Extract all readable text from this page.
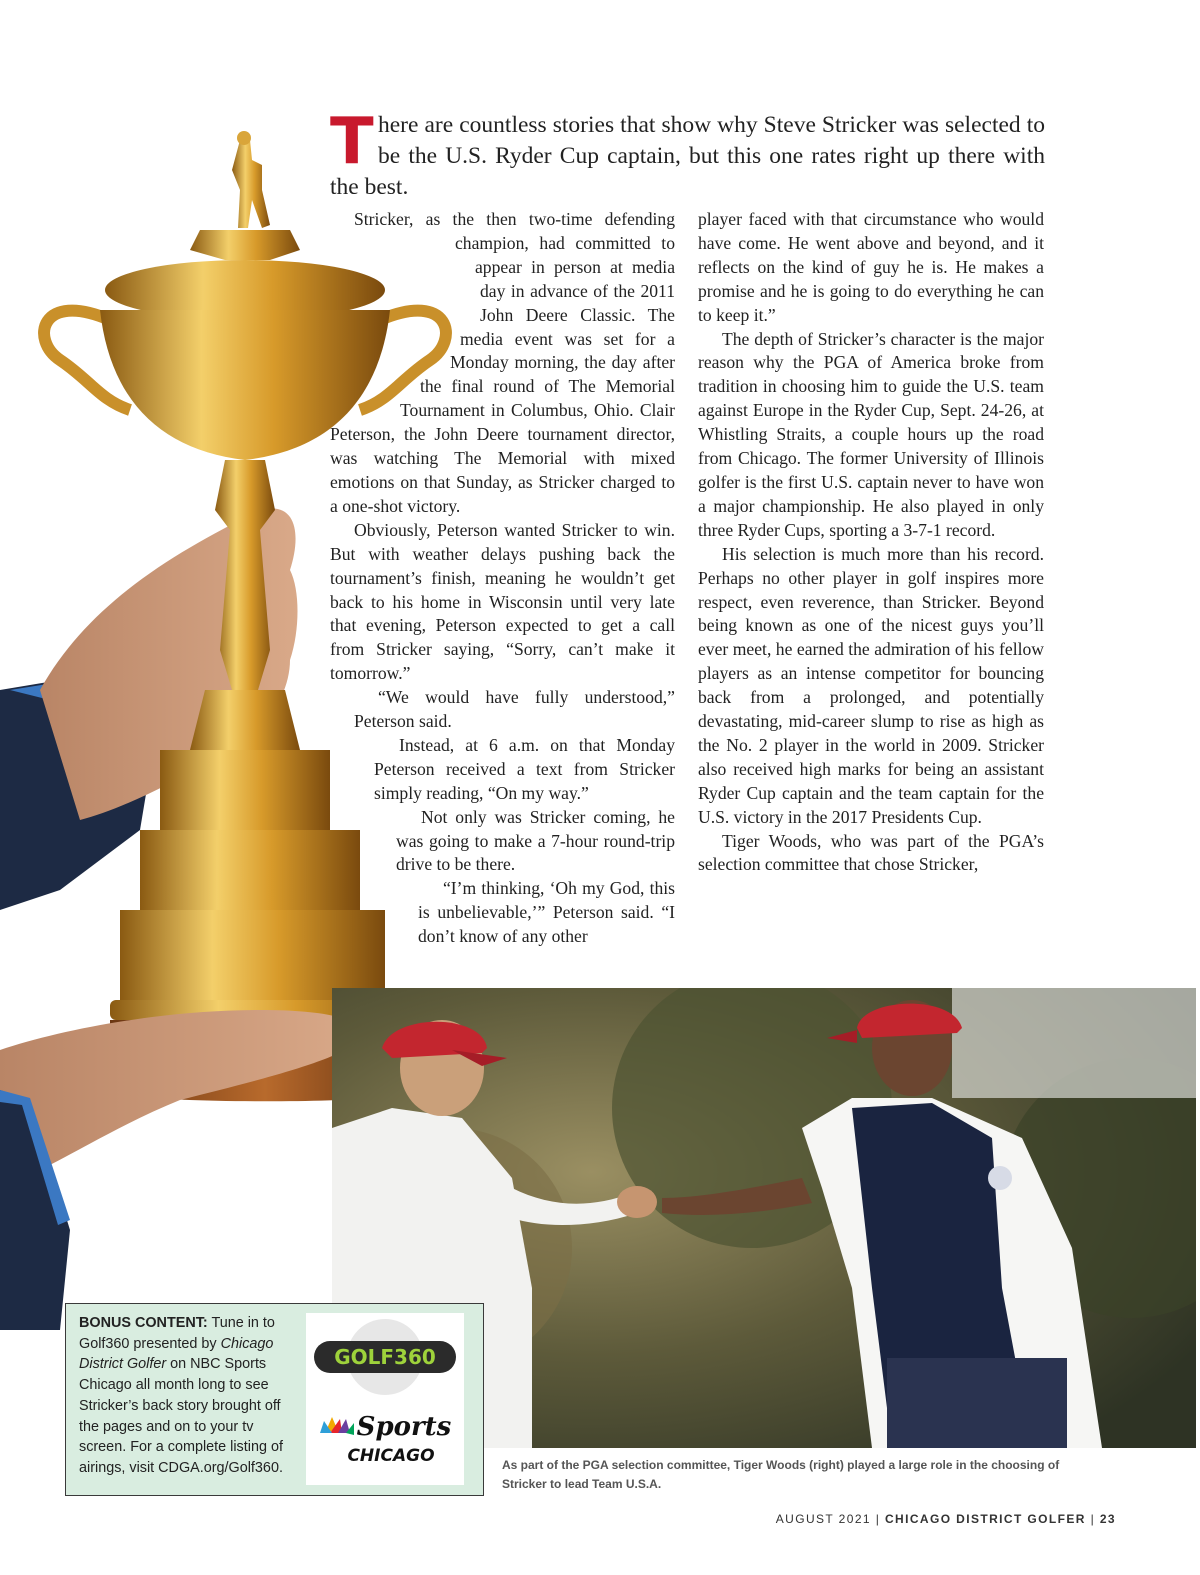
There are countless stories that show why Steve Stricker was selected to be the U.S. Ryder Cup captain, but this one rates right up there with the best.

Stricker, as the then two-time defending champion, had committed to appear in person at media day in advance of the 2011 John Deere Classic. The media event was set for a Monday morning, the day after the final round of The Memorial Tournament in Columbus, Ohio. Clair Peterson, the John Deere tournament director, was watching The Memorial with mixed emotions on that Sunday, as Stricker charged to a one-shot victory.

Obviously, Peterson wanted Stricker to win. But with weather delays pushing back the tournament’s finish, meaning he wouldn’t get back to his home in Wisconsin until very late that evening, Peterson expected to get a call from Stricker saying, “Sorry, can’t make it tomorrow.”

“We would have fully understood,” Peterson said.

Instead, at 6 a.m. on that Monday Peterson received a text from Stricker simply reading, “On my way.”

Not only was Stricker coming, he was going to make a 7-hour round-trip drive to be there.

“I’m thinking, ‘Oh my God, this is unbelievable,’” Peterson said. “I don’t know of any other

player faced with that circumstance who would have come. He went above and beyond, and it reflects on the kind of guy he is. He makes a promise and he is going to do everything he can to keep it.”

The depth of Stricker’s character is the major reason why the PGA of America broke from tradition in choosing him to guide the U.S. team against Europe in the Ryder Cup, Sept. 24-26, at Whistling Straits, a couple hours up the road from Chicago. The former University of Illinois golfer is the first U.S. captain never to have won a major championship. He also played in only three Ryder Cups, sporting a 3-7-1 record.

His selection is much more than his record. Perhaps no other player in golf inspires more respect, even reverence, than Stricker. Beyond being known as one of the nicest guys you’ll ever meet, he earned the admiration of his fellow players as an intense competitor for bouncing back from a prolonged, and potentially devastating, mid-career slump to rise as high as the No. 2 player in the world in 2009. Stricker also received high marks for being an assistant Ryder Cup captain and the team captain for the U.S. victory in the 2017 Presidents Cup.

Tiger Woods, who was part of the PGA’s selection committee that chose Stricker,

As part of the PGA selection committee, Tiger Woods (right) played a large role in the choosing of Stricker to lead Team U.S.A.
BONUS CONTENT: Tune in to Golf360 presented by Chicago District Golfer on NBC Sports Chicago all month long to see Stricker’s back story brought off the pages and on to your tv screen. For a complete listing of airings, visit CDGA.org/Golf360.
GOLF360
Sports
CHICAGO
AUGUST 2021 | CHICAGO DISTRICT GOLFER | 23
